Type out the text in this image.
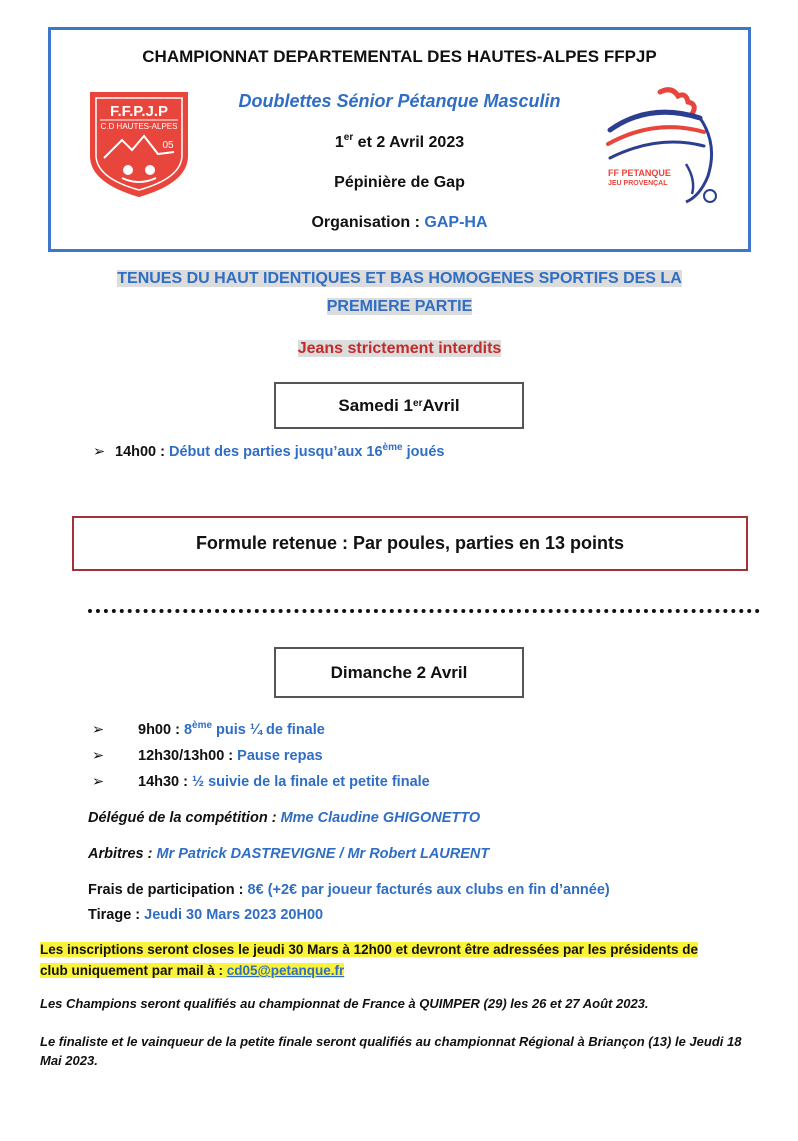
CHAMPIONNAT DEPARTEMENTAL DES HAUTES-ALPES FFPJP
Doublettes Sénior Pétanque Masculin
1er et 2 Avril 2023
Pépinière de Gap
Organisation : GAP-HA
F.F.P.J.P
C.D HAUTES-ALPES
05
FF PETANQUE
JEU PROVENÇAL
TENUES DU HAUT IDENTIQUES ET BAS HOMOGENES SPORTIFS DES LA
PREMIERE PARTIE
Jeans strictement interdits
Samedi 1er Avril
➢ 14h00 : Début des parties jusqu’aux 16ème joués
Formule retenue : Par poules, parties en 13 points
Dimanche 2 Avril
➢ 9h00 : 8ème puis ¼ de finale
➢ 12h30/13h00 : Pause repas
➢ 14h30 : ½ suivie de la finale et petite finale
Délégué de la compétition : Mme Claudine GHIGONETTO
Arbitres : Mr Patrick DASTREVIGNE / Mr Robert LAURENT
Frais de participation : 8€ (+2€ par joueur facturés aux clubs en fin d’année)
Tirage : Jeudi 30 Mars 2023 20H00
Les inscriptions seront closes le jeudi 30 Mars à 12h00 et devront être adressées par les présidents de
club uniquement par mail à : cd05@petanque.fr
Les Champions seront qualifiés au championnat de France à QUIMPER (29) les 26 et 27 Août 2023.
Le finaliste et le vainqueur de la petite finale seront qualifiés au championnat Régional à Briançon (13) le Jeudi 18 Mai 2023.
